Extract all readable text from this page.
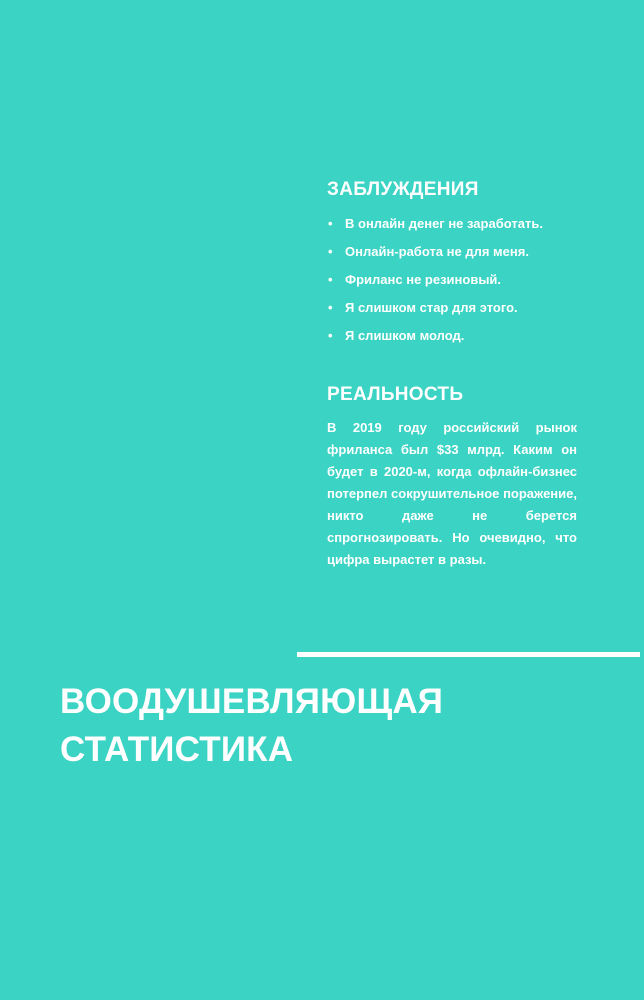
ЗАБЛУЖДЕНИЯ
• В онлайн денег не заработать.
• Онлайн-работа не для меня.
• Фриланс не резиновый.
• Я слишком стар для этого.
• Я слишком молод.
РЕАЛЬНОСТЬ

В 2019 году российский рынок фриланса был $33 млрд. Каким он будет в 2020-м, когда офлайн-бизнес потерпел сокрушительное поражение, никто даже не берется спрогнозировать. Но очевидно, что цифра вырастет в разы.

ВООДУШЕВЛЯЮЩАЯ
СТАТИСТИКА
